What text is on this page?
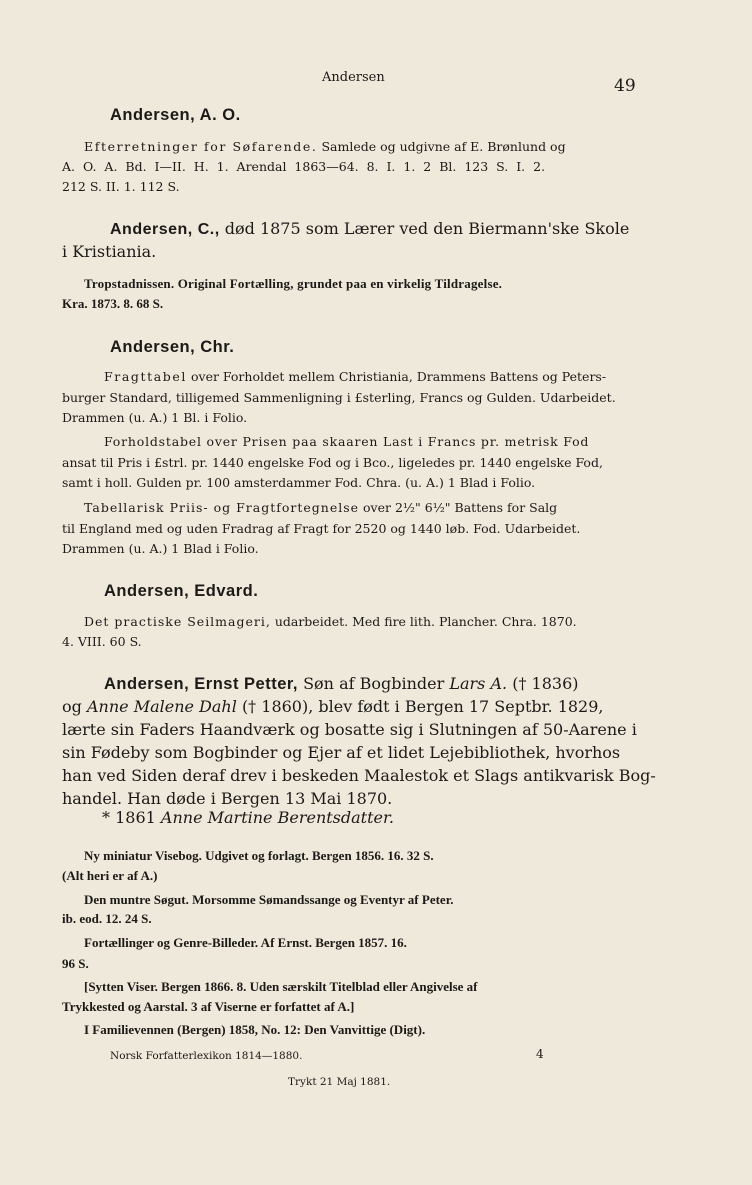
Andersen	49
Andersen, A. O.
Efterretninger for Søfarende. Samlede og udgivne af E. Brønlund og
A. O. A. Bd. I—II. H. 1. Arendal 1863—64. 8. I. 1. 2 Bl. 123 S. I. 2.
212 S. II. 1. 112 S.
Andersen, C., død 1875 som Lærer ved den Biermann'ske Skole
i Kristiania.
Tropstadnissen. Original Fortælling, grundet paa en virkelig Tildragelse.
Kra. 1873. 8. 68 S.
Andersen, Chr.
Fragttabel over Forholdet mellem Christiania, Drammens Battens og Peters-
burger Standard, tilligemed Sammenligning i £sterling, Francs og Gulden. Udarbeidet.
Drammen (u. A.) 1 Bl. i Folio.
Forholdstabel over Prisen paa skaaren Last i Francs pr. metrisk Fod
ansat til Pris i £strl. pr. 1440 engelske Fod og i Bco., ligeledes pr. 1440 engelske Fod,
samt i holl. Gulden pr. 100 amsterdammer Fod. Chra. (u. A.) 1 Blad i Folio.
Tabellarisk Priis- og Fragtfortegnelse over 2½" 6½" Battens for Salg
til England med og uden Fradrag af Fragt for 2520 og 1440 løb. Fod. Udarbeidet.
Drammen (u. A.) 1 Blad i Folio.
Andersen, Edvard.
Det practiske Seilmageri, udarbeidet. Med fire lith. Plancher. Chra. 1870.
4. VIII. 60 S.
Andersen, Ernst Petter, Søn af Bogbinder Lars A. († 1836)
og Anne Malene Dahl († 1860), blev født i Bergen 17 Septbr. 1829,
lærte sin Faders Haandværk og bosatte sig i Slutningen af 50-Aarene i
sin Fødeby som Bogbinder og Ejer af et lidet Lejebibliothek, hvorhos
han ved Siden deraf drev i beskeden Maalestok et Slags antikvarisk Bog-
handel. Han døde i Bergen 13 Mai 1870.
* 1861 Anne Martine Berentsdatter.
Ny miniatur Visebog. Udgivet og forlagt. Bergen 1856. 16. 32 S.
(Alt heri er af A.)
Den muntre Søgut. Morsomme Sømandssange og Eventyr af Peter.
ib. eod. 12. 24 S.
Fortællinger og Genre-Billeder. Af Ernst. Bergen 1857. 16.
96 S.
[Sytten Viser. Bergen 1866. 8. Uden særskilt Titelblad eller Angivelse af
Trykkested og Aarstal. 3 af Viserne er forfattet af A.]
I Familievennen (Bergen) 1858, No. 12: Den Vanvittige (Digt).
Norsk Forfatterlexikon 1814—1880.	4
Trykt 21 Maj 1881.
